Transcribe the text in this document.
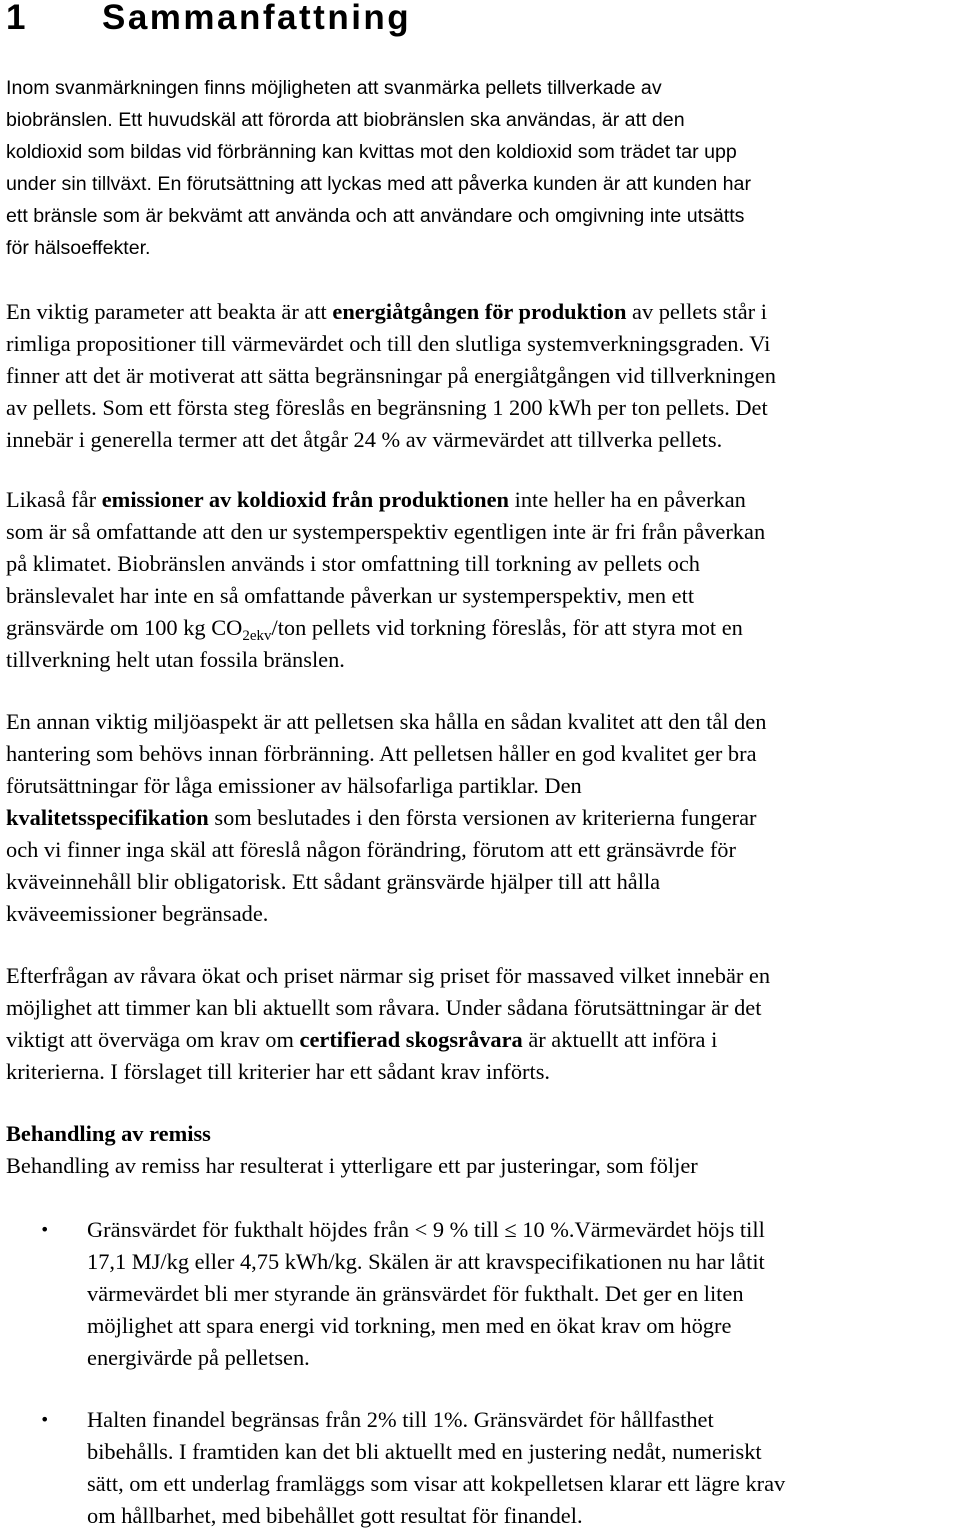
1 Sammanfattning

Inom svanmärkningen finns möjligheten att svanmärka pellets tillverkade av
biobränslen. Ett huvudskäl att förorda att biobränslen ska användas, är att den
koldioxid som bildas vid förbränning kan kvittas mot den koldioxid som trädet tar upp
under sin tillväxt. En förutsättning att lyckas med att påverka kunden är att kunden har
ett bränsle som är bekvämt att använda och att användare och omgivning inte utsätts
för hälsoeffekter.

En viktig parameter att beakta är att energiåtgången för produktion av pellets står i
rimliga propositioner till värmevärdet och till den slutliga systemverkningsgraden. Vi
finner att det är motiverat att sätta begränsningar på energiåtgången vid tillverkningen
av pellets. Som ett första steg föreslås en begränsning 1 200 kWh per ton pellets. Det
innebär i generella termer att det åtgår 24 % av värmevärdet att tillverka pellets.

Likaså får emissioner av koldioxid från produktionen inte heller ha en påverkan
som är så omfattande att den ur systemperspektiv egentligen inte är fri från påverkan
på klimatet. Biobränslen används i stor omfattning till torkning av pellets och
bränslevalet har inte en så omfattande påverkan ur systemperspektiv, men ett
gränsvärde om 100 kg $CO_{2ekv}$/ton pellets vid torkning föreslås, för att styra mot en
tillverkning helt utan fossila bränslen.

En annan viktig miljöaspekt är att pelletsen ska hålla en sådan kvalitet att den tål den
hantering som behövs innan förbränning. Att pelletsen håller en god kvalitet ger bra
förutsättningar för låga emissioner av hälsofarliga partiklar. Den
kvalitetsspecifikation som beslutades i den första versionen av kriterierna fungerar
och vi finner inga skäl att föreslå någon förändring, förutom att ett gränsävrde för
kväveinnehåll blir obligatorisk. Ett sådant gränsvärde hjälper till att hålla
kväveemissioner begränsade.

Efterfrågan av råvara ökat och priset närmar sig priset för massaved vilket innebär en
möjlighet att timmer kan bli aktuellt som råvara. Under sådana förutsättningar är det
viktigt att överväga om krav om certifierad skogsråvara är aktuellt att införa i
kriterierna. I förslaget till kriterier har ett sådant krav införts.

Behandling av remiss

Behandling av remiss har resulterat i ytterligare ett par justeringar, som följer

• Gränsvärdet för fukthalt höjdes från < 9 % till ≤ 10 %.Värmevärdet höjs till
17,1 MJ/kg eller 4,75 kWh/kg. Skälen är att kravspecifikationen nu har låtit
värmevärdet bli mer styrande än gränsvärdet för fukthalt. Det ger en liten
möjlighet att spara energi vid torkning, men med en ökat krav om högre
energivärde på pelletsen.
• Halten finandel begränsas från 2% till 1%. Gränsvärdet för hållfasthet
bibehålls. I framtiden kan det bli aktuellt med en justering nedåt, numeriskt
sätt, om ett underlag framläggs som visar att kokpelletsen klarar ett lägre krav
om hållbarhet, med bibehållet gott resultat för finandel.
